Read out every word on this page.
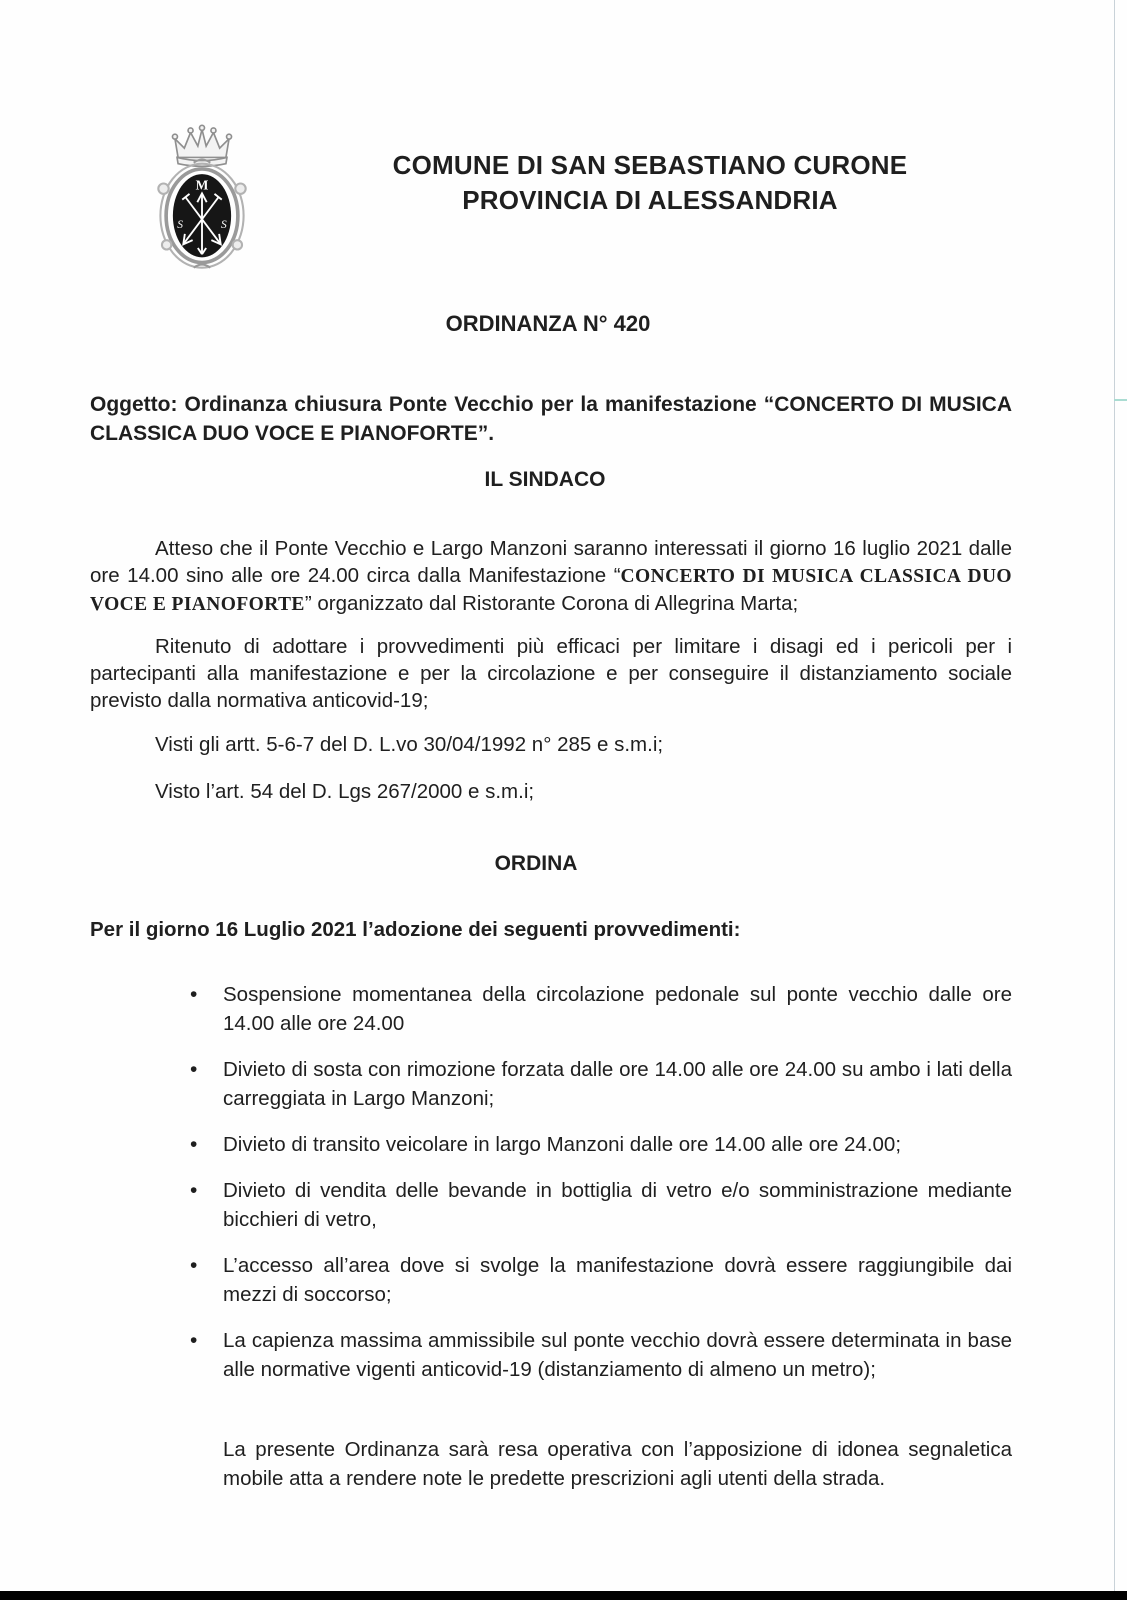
M
S	S
COMUNE DI SAN SEBASTIANO CURONE
PROVINCIA DI ALESSANDRIA
ORDINANZA N° 420
Oggetto: Ordinanza chiusura Ponte Vecchio per la manifestazione “CONCERTO DI MUSICA CLASSICA DUO VOCE E PIANOFORTE”.
IL SINDACO

Atteso che il Ponte Vecchio e Largo Manzoni saranno interessati il giorno 16 luglio 2021 dalle ore 14.00 sino alle ore 24.00 circa dalla Manifestazione “CONCERTO DI MUSICA CLASSICA DUO VOCE E PIANOFORTE” organizzato dal Ristorante Corona di Allegrina Marta;

Ritenuto di adottare i provvedimenti più efficaci per limitare i disagi ed i pericoli per i partecipanti alla manifestazione e per la circolazione e per conseguire il distanziamento sociale previsto dalla normativa anticovid-19;

Visti gli artt. 5-6-7 del D. L.vo 30/04/1992 n° 285 e s.m.i;

Visto l’art. 54 del D. Lgs 267/2000 e s.m.i;

ORDINA
Per il giorno 16 Luglio 2021 l’adozione dei seguenti provvedimenti:
• Sospensione momentanea della circolazione pedonale sul ponte vecchio dalle ore 14.00 alle ore 24.00
• Divieto di sosta con rimozione forzata dalle ore 14.00 alle ore 24.00 su ambo i lati della carreggiata in Largo Manzoni;
• Divieto di transito veicolare in largo Manzoni dalle ore 14.00 alle ore 24.00;
• Divieto di vendita delle bevande in bottiglia di vetro e/o somministrazione mediante bicchieri di vetro,
• L’accesso all’area dove si svolge la manifestazione dovrà essere raggiungibile dai mezzi di soccorso;
• La capienza massima ammissibile sul ponte vecchio dovrà essere determinata in base alle normative vigenti anticovid-19 (distanziamento di almeno un metro);

La presente Ordinanza sarà resa operativa con l’apposizione di idonea segnaletica mobile atta a rendere note le predette prescrizioni agli utenti della strada.
